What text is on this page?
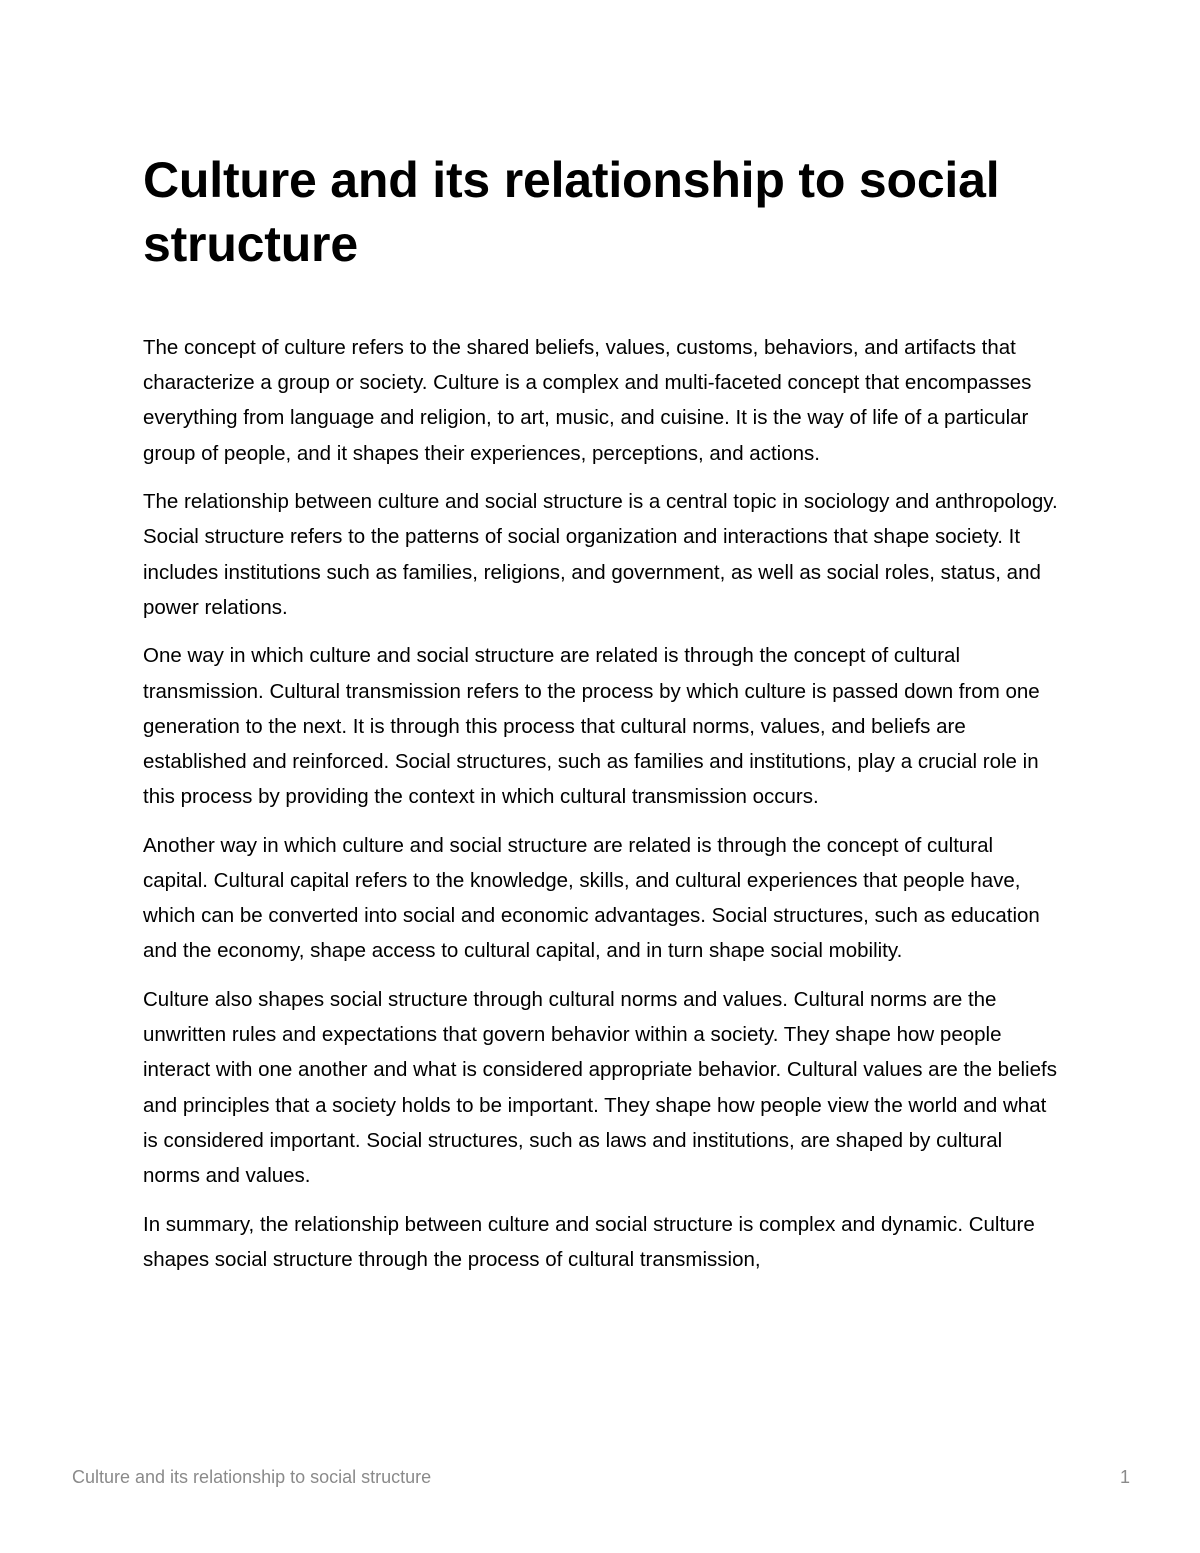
Culture and its relationship to social structure

The concept of culture refers to the shared beliefs, values, customs, behaviors, and artifacts that characterize a group or society. Culture is a complex and multi-faceted concept that encompasses everything from language and religion, to art, music, and cuisine. It is the way of life of a particular group of people, and it shapes their experiences, perceptions, and actions.

The relationship between culture and social structure is a central topic in sociology and anthropology. Social structure refers to the patterns of social organization and interactions that shape society. It includes institutions such as families, religions, and government, as well as social roles, status, and power relations.

One way in which culture and social structure are related is through the concept of cultural transmission. Cultural transmission refers to the process by which culture is passed down from one generation to the next. It is through this process that cultural norms, values, and beliefs are established and reinforced. Social structures, such as families and institutions, play a crucial role in this process by providing the context in which cultural transmission occurs.

Another way in which culture and social structure are related is through the concept of cultural capital. Cultural capital refers to the knowledge, skills, and cultural experiences that people have, which can be converted into social and economic advantages. Social structures, such as education and the economy, shape access to cultural capital, and in turn shape social mobility.

Culture also shapes social structure through cultural norms and values. Cultural norms are the unwritten rules and expectations that govern behavior within a society. They shape how people interact with one another and what is considered appropriate behavior. Cultural values are the beliefs and principles that a society holds to be important. They shape how people view the world and what is considered important. Social structures, such as laws and institutions, are shaped by cultural norms and values.

In summary, the relationship between culture and social structure is complex and dynamic. Culture shapes social structure through the process of cultural transmission,

Culture and its relationship to social structure	1
